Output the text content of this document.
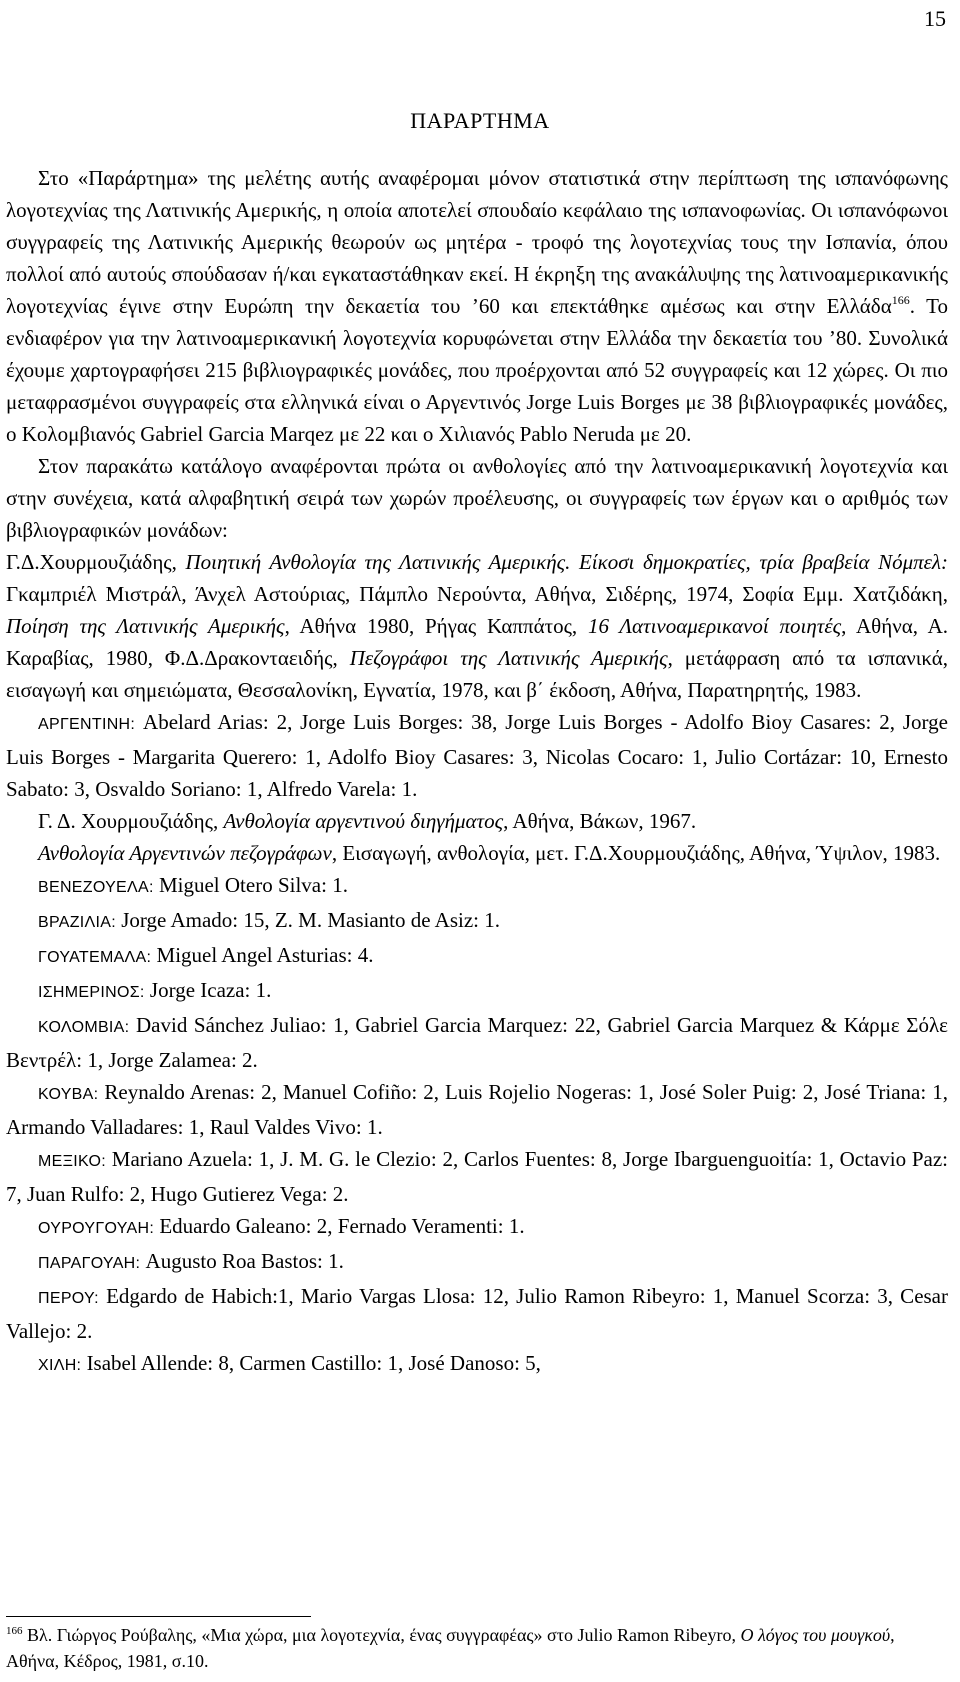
15
ΠΑΡΑΡΤΗΜΑ

Στο «Παράρτημα» της μελέτης αυτής αναφέρομαι μόνον στατιστικά στην περίπτωση της ισπανόφωνης λογοτεχνίας της Λατινικής Αμερικής, η οποία αποτελεί σπουδαίο κεφάλαιο της ισπανοφωνίας. Οι ισπανόφωνοι συγγραφείς της Λατινικής Αμερικής θεωρούν ως μητέρα - τροφό της λογοτεχνίας τους την Ισπανία, όπου πολλοί από αυτούς σπούδασαν ή/και εγκαταστάθηκαν εκεί. Η έκρηξη της ανακάλυψης της λατινοαμερικανικής λογοτεχνίας έγινε στην Ευρώπη την δεκαετία του ’60 και επεκτάθηκε αμέσως και στην Ελλάδα$^{166}$. Το ενδιαφέρον για την λατινοαμερικανική λογοτεχνία κορυφώνεται στην Ελλάδα την δεκαετία του ’80. Συνολικά έχουμε χαρτογραφήσει 215 βιβλιογραφικές μονάδες, που προέρχονται από 52 συγγραφείς και 12 χώρες. Οι πιο μεταφρασμένοι συγγραφείς στα ελληνικά είναι ο Αργεντινός Jorge Luis Borges με 38 βιβλιογραφικές μονάδες, ο Κολομβιανός Gabriel Garcia Marqez με 22 και ο Χιλιανός Pablo Neruda με 20.

Στον παρακάτω κατάλογο αναφέρονται πρώτα οι ανθολογίες από την λατινοαμερικανική λογοτεχνία και στην συνέχεια, κατά αλφαβητική σειρά των χωρών προέλευσης, οι συγγραφείς των έργων και ο αριθμός των βιβλιογραφικών μονάδων:

Γ.Δ.Χουρμουζιάδης, Ποιητική Ανθολογία της Λατινικής Αμερικής. Είκοσι δημοκρατίες, τρία βραβεία Νόμπελ: Γκαμπριέλ Μιστράλ, Άνχελ Αστούριας, Πάμπλο Νερούντα, Αθήνα, Σιδέρης, 1974, Σοφία Εμμ. Χατζιδάκη, Ποίηση της Λατινικής Αμερικής, Αθήνα 1980, Ρήγας Καππάτος, 16 Λατινοαμερικανοί ποιητές, Αθήνα, Α. Καραβίας, 1980, Φ.Δ.Δρακονταειδής, Πεζογράφοι της Λατινικής Αμερικής, μετάφραση από τα ισπανικά, εισαγωγή και σημειώματα, Θεσσαλονίκη, Εγνατία, 1978, και β΄ έκδοση, Αθήνα, Παρατηρητής, 1983.

ΑΡΓΕΝΤΙΝΗ: Abelard Arias: 2, Jorge Luis Borges: 38, Jorge Luis Borges - Adolfo Bioy Casares: 2, Jorge Luis Borges - Margarita Querero: 1, Adolfo Bioy Casares: 3, Nicolas Cocaro: 1, Julio Cortázar: 10, Ernesto Sabato: 3, Osvaldo Soriano: 1, Alfredo Varela: 1.

Γ. Δ. Χουρμουζιάδης, Ανθολογία αργεντινού διηγήματος, Αθήνα, Βάκων, 1967.

Ανθολογία Αργεντινών πεζογράφων, Εισαγωγή, ανθολογία, μετ. Γ.Δ.Χουρμουζιάδης, Αθήνα, Ύψιλον, 1983.

ΒΕΝΕΖΟΥΕΛΑ: Miguel Otero Silva: 1.

ΒΡΑΖΙΛΙΑ: Jorge Amado: 15, Z. M. Masianto de Asiz: 1.

ΓΟΥΑΤΕΜΑΛΑ: Miguel Angel Asturias: 4.

ΙΣΗΜΕΡΙΝΟΣ: Jorge Icaza: 1.

ΚΟΛΟΜΒΙΑ: David Sánchez Juliao: 1, Gabriel Garcia Marquez: 22, Gabriel Garcia Marquez & Κάρμε Σόλε Βεντρέλ: 1, Jorge Zalamea: 2.

ΚΟΥΒΑ: Reynaldo Arenas: 2, Manuel Cofiño: 2, Luis Rojelio Nogeras: 1, José Soler Puig: 2, José Triana: 1, Armando Valladares: 1, Raul Valdes Vivo: 1.

ΜΕΞΙΚΟ: Mariano Azuela: 1, J. M. G. le Clezio: 2, Carlos Fuentes: 8, Jorge Ibarguenguoitía: 1, Octavio Paz: 7, Juan Rulfo: 2, Hugo Gutierez Vega: 2.

ΟΥΡΟΥΓΟΥΑΗ: Eduardo Galeano: 2, Fernado Veramenti: 1.

ΠΑΡΑΓΟΥΑΗ: Augusto Roa Bastos: 1.

ΠΕΡΟΥ: Edgardo de Habich:1, Mario Vargas Llosa: 12, Julio Ramon Ribeyro: 1, Manuel Scorza: 3, Cesar Vallejo: 2.

ΧΙΛΗ: Isabel Allende: 8, Carmen Castillo: 1, José Danoso: 5,

$^{166}$ Βλ. Γιώργος Ρούβαλης, «Μια χώρα, μια λογοτεχνία, ένας συγγραφέας» στο Julio Ramon Ribeyro, Ο λόγος του μουγκού, Αθήνα, Κέδρος, 1981, σ.10.
